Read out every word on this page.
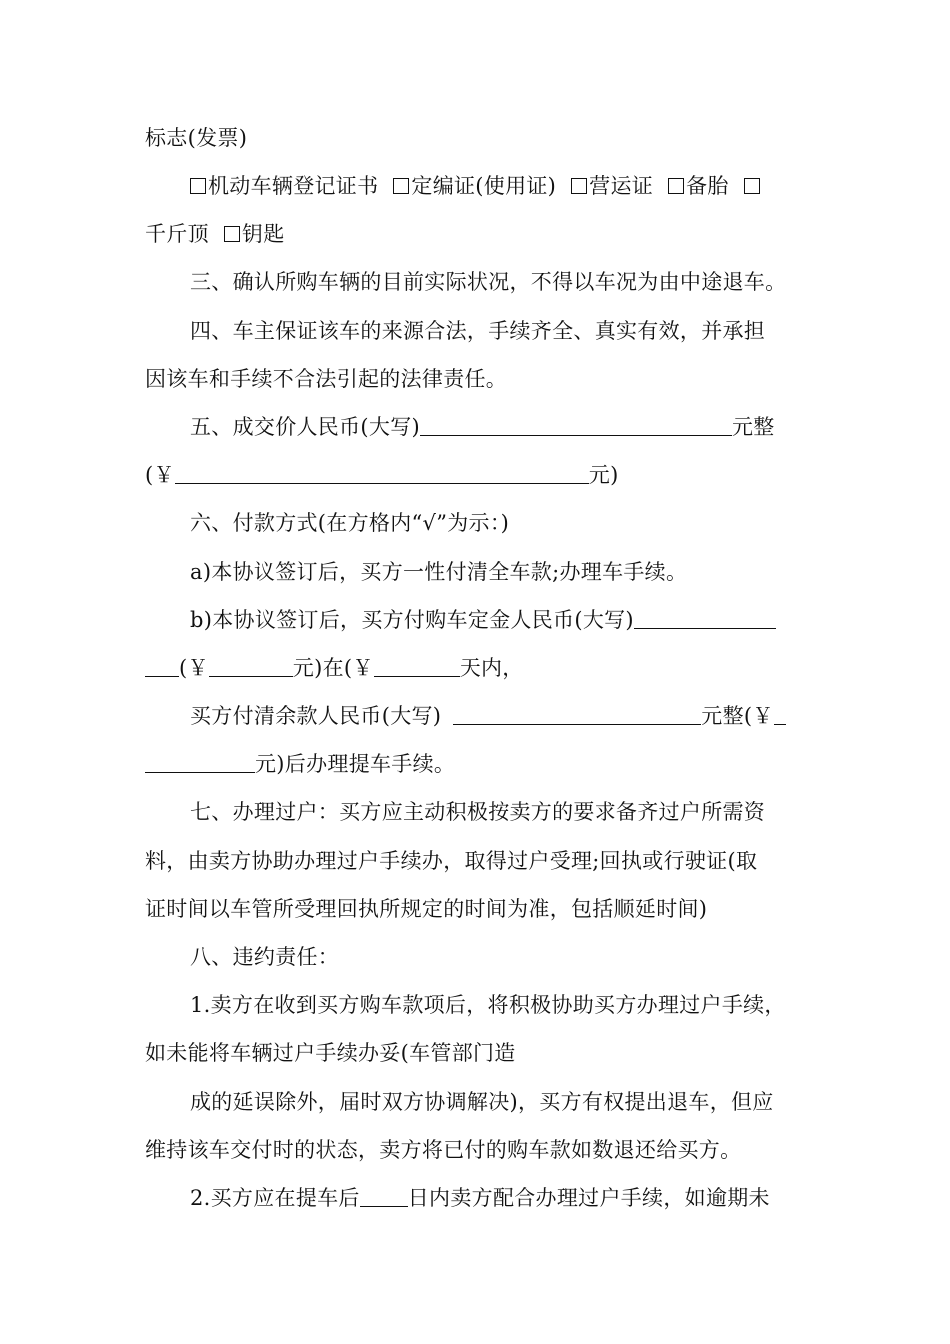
标志(发票)
机动车辆登记证书 定编证(使用证) 营运证 备胎
千斤顶 钥匙
三、确认所购车辆的目前实际状况，不得以车况为由中途退车。
四、车主保证该车的来源合法，手续齐全、真实有效，并承担
因该车和手续不合法引起的法律责任。
五、成交价人民币(大写)	元整
(￥	元)
六、付款方式(在方格内“√”为示：)
a)本协议签订后，买方一性付清全车款;办理车手续。
b)本协议签订后，买方付购车定金人民币(大写)
(￥	元)在(￥	天内，
买方付清余款人民币(大写)	元整(￥
元)后办理提车手续。
七、办理过户：买方应主动积极按卖方的要求备齐过户所需资
料，由卖方协助办理过户手续办，取得过户受理;回执或行驶证(取
证时间以车管所受理回执所规定的时间为准，包括顺延时间)
八、违约责任：
1.卖方在收到买方购车款项后，将积极协助买方办理过户手续，
如未能将车辆过户手续办妥(车管部门造
成的延误除外，届时双方协调解决)，买方有权提出退车，但应
维持该车交付时的状态，卖方将已付的购车款如数退还给买方。
2.买方应在提车后 日内卖方配合办理过户手续，如逾期未
